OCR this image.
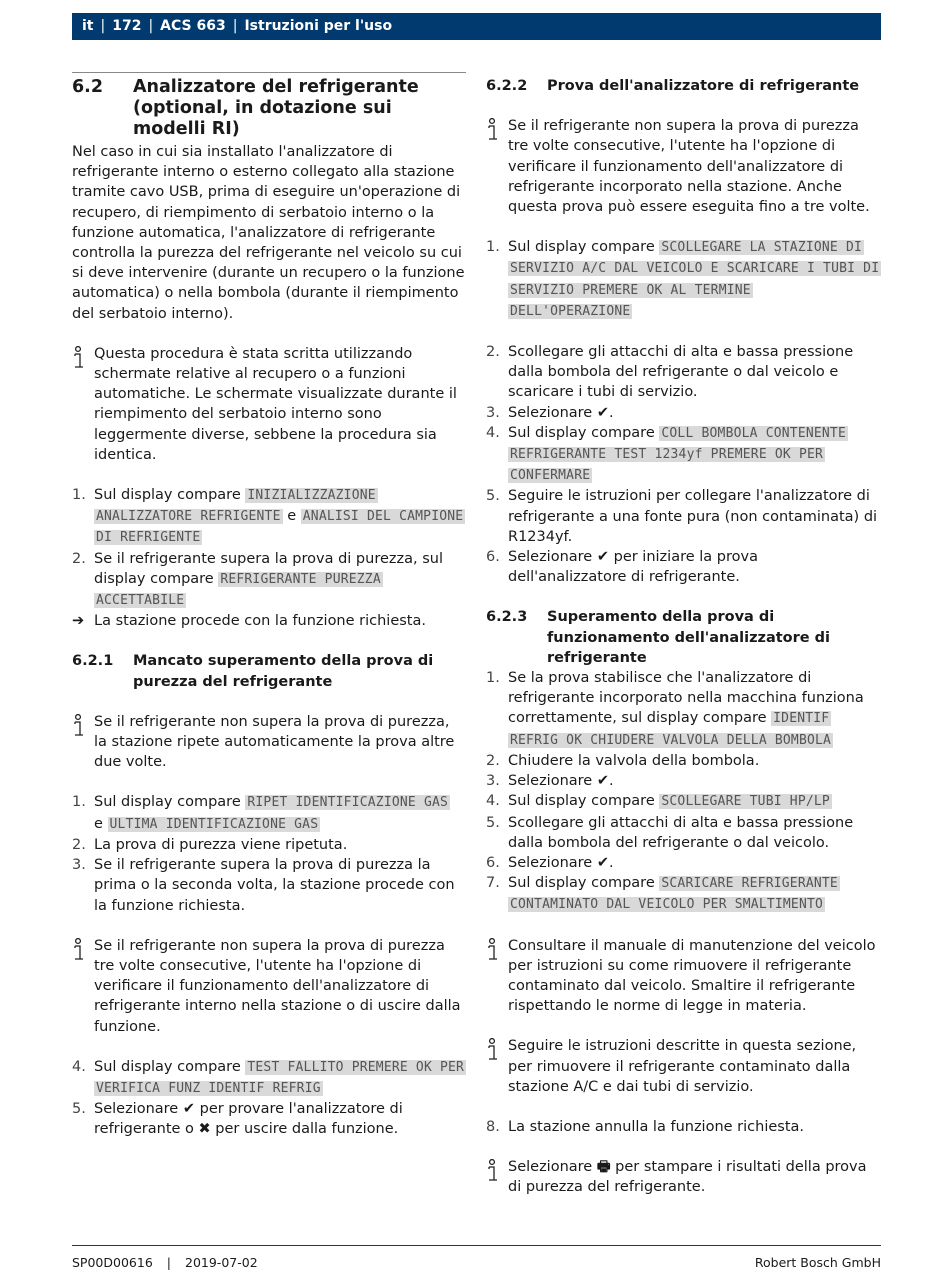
it | 172 | ACS 663 | Istruzioni per l'uso
6.2	Analizzatore del refrigerante (optional, in dotazione sui modelli RI)

Nel caso in cui sia installato l'analizzatore di refrigerante interno o esterno collegato alla stazione tramite cavo USB, prima di eseguire un'operazione di recupero, di riempimento di serbatoio interno o la funzione automatica, l'analizzatore di refrigerante controlla la purezza del refrigerante nel veicolo su cui si deve intervenire (durante un recupero o la funzione automatica) o nella bombola (durante il riempimento del serbatoio interno).

Questa procedura è stata scritta utilizzando schermate relative al recupero o a funzioni automatiche. Le schermate visualizzate durante il riempimento del serbatoio interno sono leggermente diverse, sebbene la procedura sia identica.
1. Sul display compare INIZIALIZZAZIONE ANALIZZATORE REFRIGENTE e ANALISI DEL CAMPIONE DI REFRIGENTE
2. Se il refrigerante supera la prova di purezza, sul display compare REFRIGERANTE PUREZZA ACCETTABILE
➔ La stazione procede con la funzione richiesta.
6.2.1	Mancato superamento della prova di purezza del refrigerante
Se il refrigerante non supera la prova di purezza, la stazione ripete automaticamente la prova altre due volte.
1. Sul display compare RIPET IDENTIFICAZIONE GAS
e ULTIMA IDENTIFICAZIONE GAS
2. La prova di purezza viene ripetuta.
3. Se il refrigerante supera la prova di purezza la prima o la seconda volta, la stazione procede con la funzione richiesta.
Se il refrigerante non supera la prova di purezza tre volte consecutive, l'utente ha l'opzione di verificare il funzionamento dell'analizzatore di refrigerante interno nella stazione o di uscire dalla funzione.
4. Sul display compare TEST FALLITO PREMERE OK PER VERIFICA FUNZ IDENTIF REFRIG
5. Selezionare ✔ per provare l'analizzatore di refrigerante o ✖ per uscire dalla funzione.
6.2.2	Prova dell'analizzatore di refrigerante
Se il refrigerante non supera la prova di purezza tre volte consecutive, l'utente ha l'opzione di verificare il funzionamento dell'analizzatore di refrigerante incorporato nella stazione. Anche questa prova può essere eseguita fino a tre volte.
1. Sul display compare SCOLLEGARE LA STAZIONE DI SERVIZIO A/C DAL VEICOLO E SCARICARE I TUBI DI SERVIZIO PREMERE OK AL TERMINE DELL'OPERAZIONE
2. Scollegare gli attacchi di alta e bassa pressione dalla bombola del refrigerante o dal veicolo e scaricare i tubi di servizio.
3. Selezionare ✔.
4. Sul display compare COLL BOMBOLA CONTENENTE REFRIGERANTE TEST 1234yf PREMERE OK PER CONFERMARE
5. Seguire le istruzioni per collegare l'analizzatore di refrigerante a una fonte pura (non contaminata) di R1234yf.
6. Selezionare ✔ per iniziare la prova dell'analizzatore di refrigerante.
6.2.3	Superamento della prova di funzionamento dell'analizzatore di refrigerante
1. Se la prova stabilisce che l'analizzatore di refrigerante incorporato nella macchina funziona correttamente, sul display compare IDENTIF REFRIG OK CHIUDERE VALVOLA DELLA BOMBOLA
2. Chiudere la valvola della bombola.
3. Selezionare ✔.
4. Sul display compare SCOLLEGARE TUBI HP/LP
5. Scollegare gli attacchi di alta e bassa pressione dalla bombola del refrigerante o dal veicolo.
6. Selezionare ✔.
7. Sul display compare SCARICARE REFRIGERANTE CONTAMINATO DAL VEICOLO PER SMALTIMENTO
Consultare il manuale di manutenzione del veicolo per istruzioni su come rimuovere il refrigerante contaminato dal veicolo. Smaltire il refrigerante rispettando le norme di legge in materia.
Seguire le istruzioni descritte in questa sezione, per rimuovere il refrigerante contaminato dalla stazione A/C e dai tubi di servizio.
8. La stazione annulla la funzione richiesta.
Selezionare 🖶 per stampare i risultati della prova di purezza del refrigerante.
SP00D00616 | 2019-07-02	Robert Bosch GmbH
